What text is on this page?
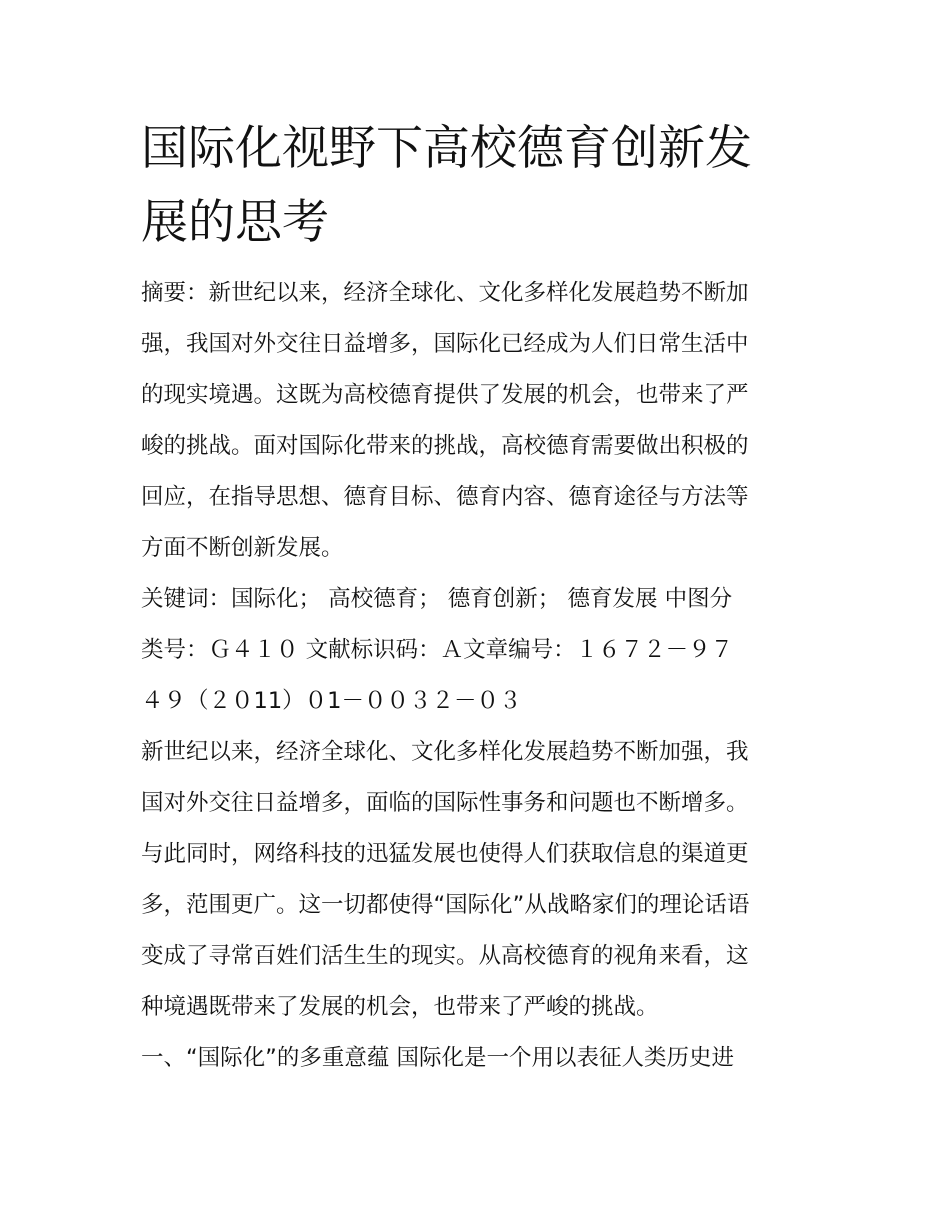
国际化视野下高校德育创新发
展的思考
摘要：新世纪以来，经济全球化、文化多样化发展趋势不断加
强，我国对外交往日益增多，国际化已经成为人们日常生活中
的现实境遇。这既为高校德育提供了发展的机会，也带来了严
峻的挑战。面对国际化带来的挑战，高校德育需要做出积极的
回应，在指导思想、德育目标、德育内容、德育途径与方法等
方面不断创新发展。
关键词：国际化； 高校德育； 德育创新； 德育发展 中图分
类号：Ｇ４１０ 文献标识码：Ａ文章编号：１６７２－９７
４９（２０11）０1－００３２－０３
新世纪以来，经济全球化、文化多样化发展趋势不断加强，我
国对外交往日益增多，面临的国际性事务和问题也不断增多。
与此同时，网络科技的迅猛发展也使得人们获取信息的渠道更
多，范围更广。这一切都使得“国际化”从战略家们的理论话语
变成了寻常百姓们活生生的现实。从高校德育的视角来看，这
种境遇既带来了发展的机会，也带来了严峻的挑战。
一、“国际化”的多重意蕴 国际化是一个用以表征人类历史进
